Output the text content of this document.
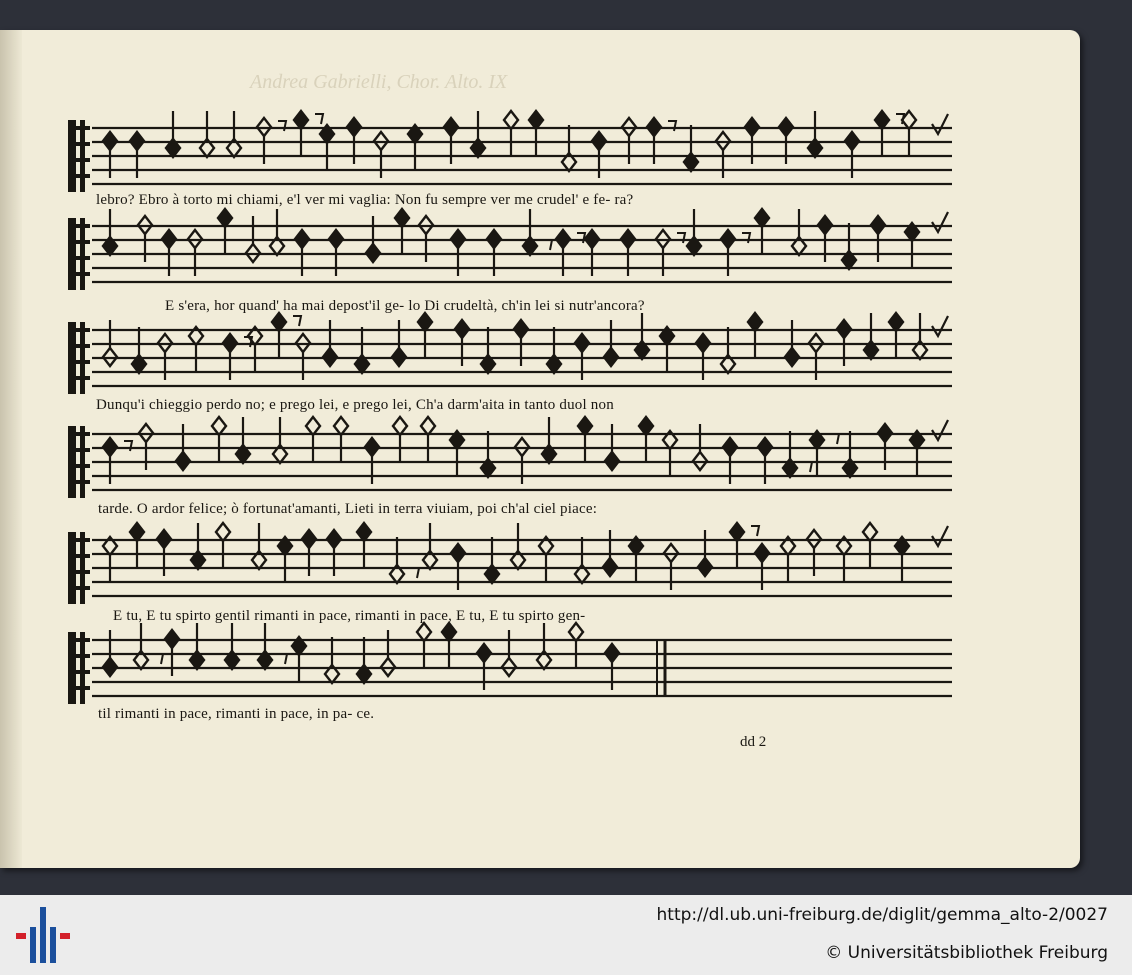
Andrea Gabrielli, Chor. Alto. IX
lebro? Ebro à torto mi chiami, e'l ver mi vaglia: Non fu sempre ver me crudel' e fe- ra?
E s'era, hor quand' ha mai depost'il ge- lo Di crudeltà, ch'in lei si nutr'ancora?
Dunqu'i chieggio perdo no; e prego lei, e prego lei, Ch'a darm'aita in tanto duol non
tarde. O ardor felice; ò fortunat'amanti, Lieti in terra viuiam, poi ch'al ciel piace:
E tu, E tu spirto gentil rimanti in pace, rimanti in pace, E tu, E tu spirto gen-
til rimanti in pace, rimanti in pace, in pa- ce.
dd 2
http://dl.ub.uni-freiburg.de/diglit/gemma_alto-2/0027
© Universitätsbibliothek Freiburg
